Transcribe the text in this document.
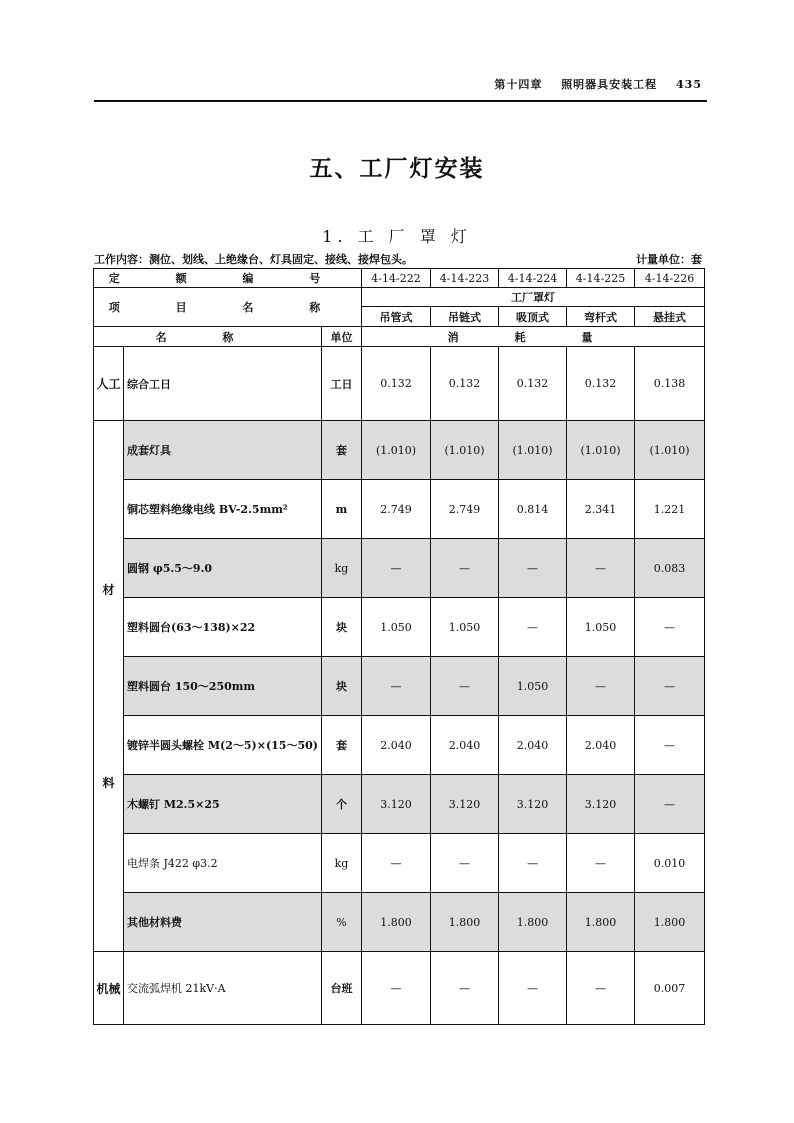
第十四章 照明器具安装工程 435
五、工厂灯安装
1. 工 厂 罩 灯
工作内容：测位、划线、上绝缘台、灯具固定、接线、接焊包头。	计量单位：套
定 额 编 号			4-14-222	4-14-223	4-14-224	4-14-225	4-14-226
项 目 名 称			工厂罩灯				
			吊管式	吊链式	吸顶式	弯杆式	悬挂式
名 称		单位	消 耗 量				
人工	综合工日	工日	0.132	0.132	0.132	0.132	0.138

材
料	成套灯具	套	(1.010)	(1.010)	(1.010)	(1.010)	(1.010)
	铜芯塑料绝缘电线 BV-2.5mm²	m	2.749	2.749	0.814	2.341	1.221
	圆钢 φ5.5～9.0	kg	—	—	—	—	0.083
	塑料圆台(63～138)×22	块	1.050	1.050	—	1.050	—
	塑料圆台 150～250mm	块	—	—	1.050	—	—
	镀锌半圆头螺栓 M(2～5)×(15～50)	套	2.040	2.040	2.040	2.040	—
	木螺钉 M2.5×25	个	3.120	3.120	3.120	3.120	—
	电焊条 J422 φ3.2	kg	—	—	—	—	0.010
	其他材料费	%	1.800	1.800	1.800	1.800	1.800
机械	交流弧焊机 21kV·A	台班	—	—	—	—	0.007
